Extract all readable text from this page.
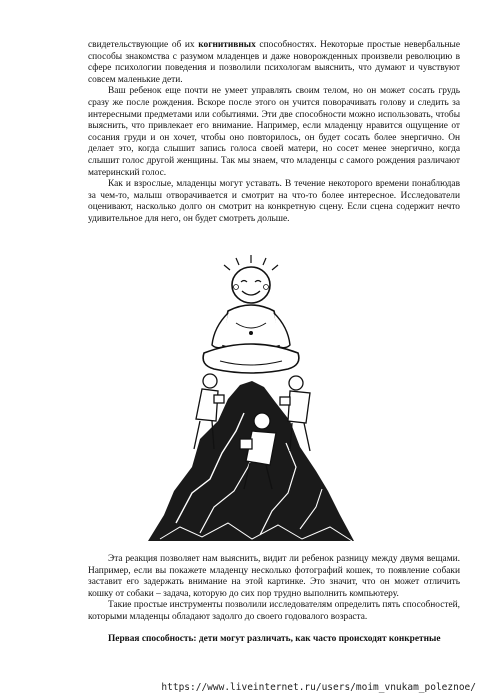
свидетельствующие об их когнитивных способностях. Некоторые простые невербальные способы знакомства с разумом младенцев и даже новорожденных произвели революцию в сфере психологии поведения и позволили психологам выяснить, что думают и чувствуют совсем маленькие дети.

Ваш ребенок еще почти не умеет управлять своим телом, но он может сосать грудь сразу же после рождения. Вскоре после этого он учится поворачивать голову и следить за интересными предметами или событиями. Эти две способности можно использовать, чтобы выяснить, что привлекает его внимание. Например, если младенцу нравится ощущение от сосания груди и он хочет, чтобы оно повторилось, он будет сосать более энергично. Он делает это, когда слышит запись голоса своей матери, но сосет менее энергично, когда слышит голос другой женщины. Так мы знаем, что младенцы с самого рождения различают материнский голос.

Как и взрослые, младенцы могут уставать. В течение некоторого времени понаблюдав за чем-то, малыш отворачивается и смотрит на что-то более интересное. Исследователи оценивают, насколько долго он смотрит на конкретную сцену. Если сцена содержит нечто удивительное для него, он будет смотреть дольше.

Эта реакция позволяет нам выяснить, видит ли ребенок разницу между двумя вещами. Например, если вы покажете младенцу несколько фотографий кошек, то появление собаки заставит его задержать внимание на этой картинке. Это значит, что он может отличить кошку от собаки – задача, которую до сих пор трудно выполнить компьютеру.

Такие простые инструменты позволили исследователям определить пять способностей, которыми младенцы обладают задолго до своего годовалого возраста.

Первая способность: дети могут различать, как часто происходят конкретные

https://www.liveinternet.ru/users/moim_vnukam_poleznoe/
